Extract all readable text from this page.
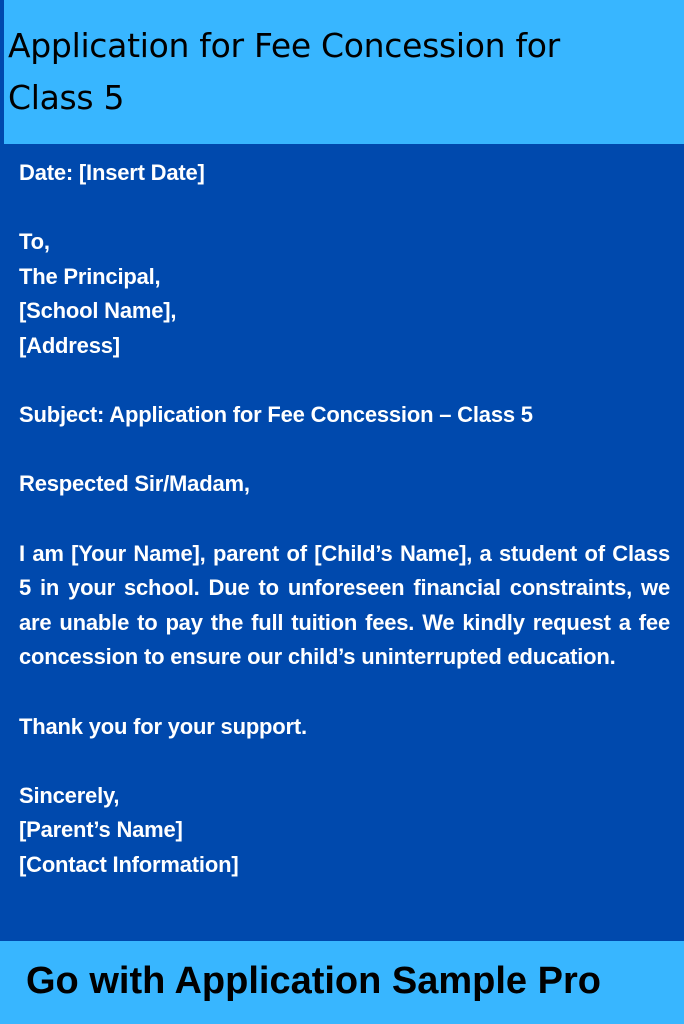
Application for Fee Concession for Class 5

Date: [Insert Date]

To,

The Principal,

[School Name],

[Address]

Subject: Application for Fee Concession – Class 5

Respected Sir/Madam,

I am [Your Name], parent of [Child’s Name], a student of Class 5 in your school. Due to unforeseen financial constraints, we are unable to pay the full tuition fees. We kindly request a fee concession to ensure our child’s uninterrupted education.

Thank you for your support.

Sincerely,

[Parent’s Name]

[Contact Information]

Go with Application Sample Pro
